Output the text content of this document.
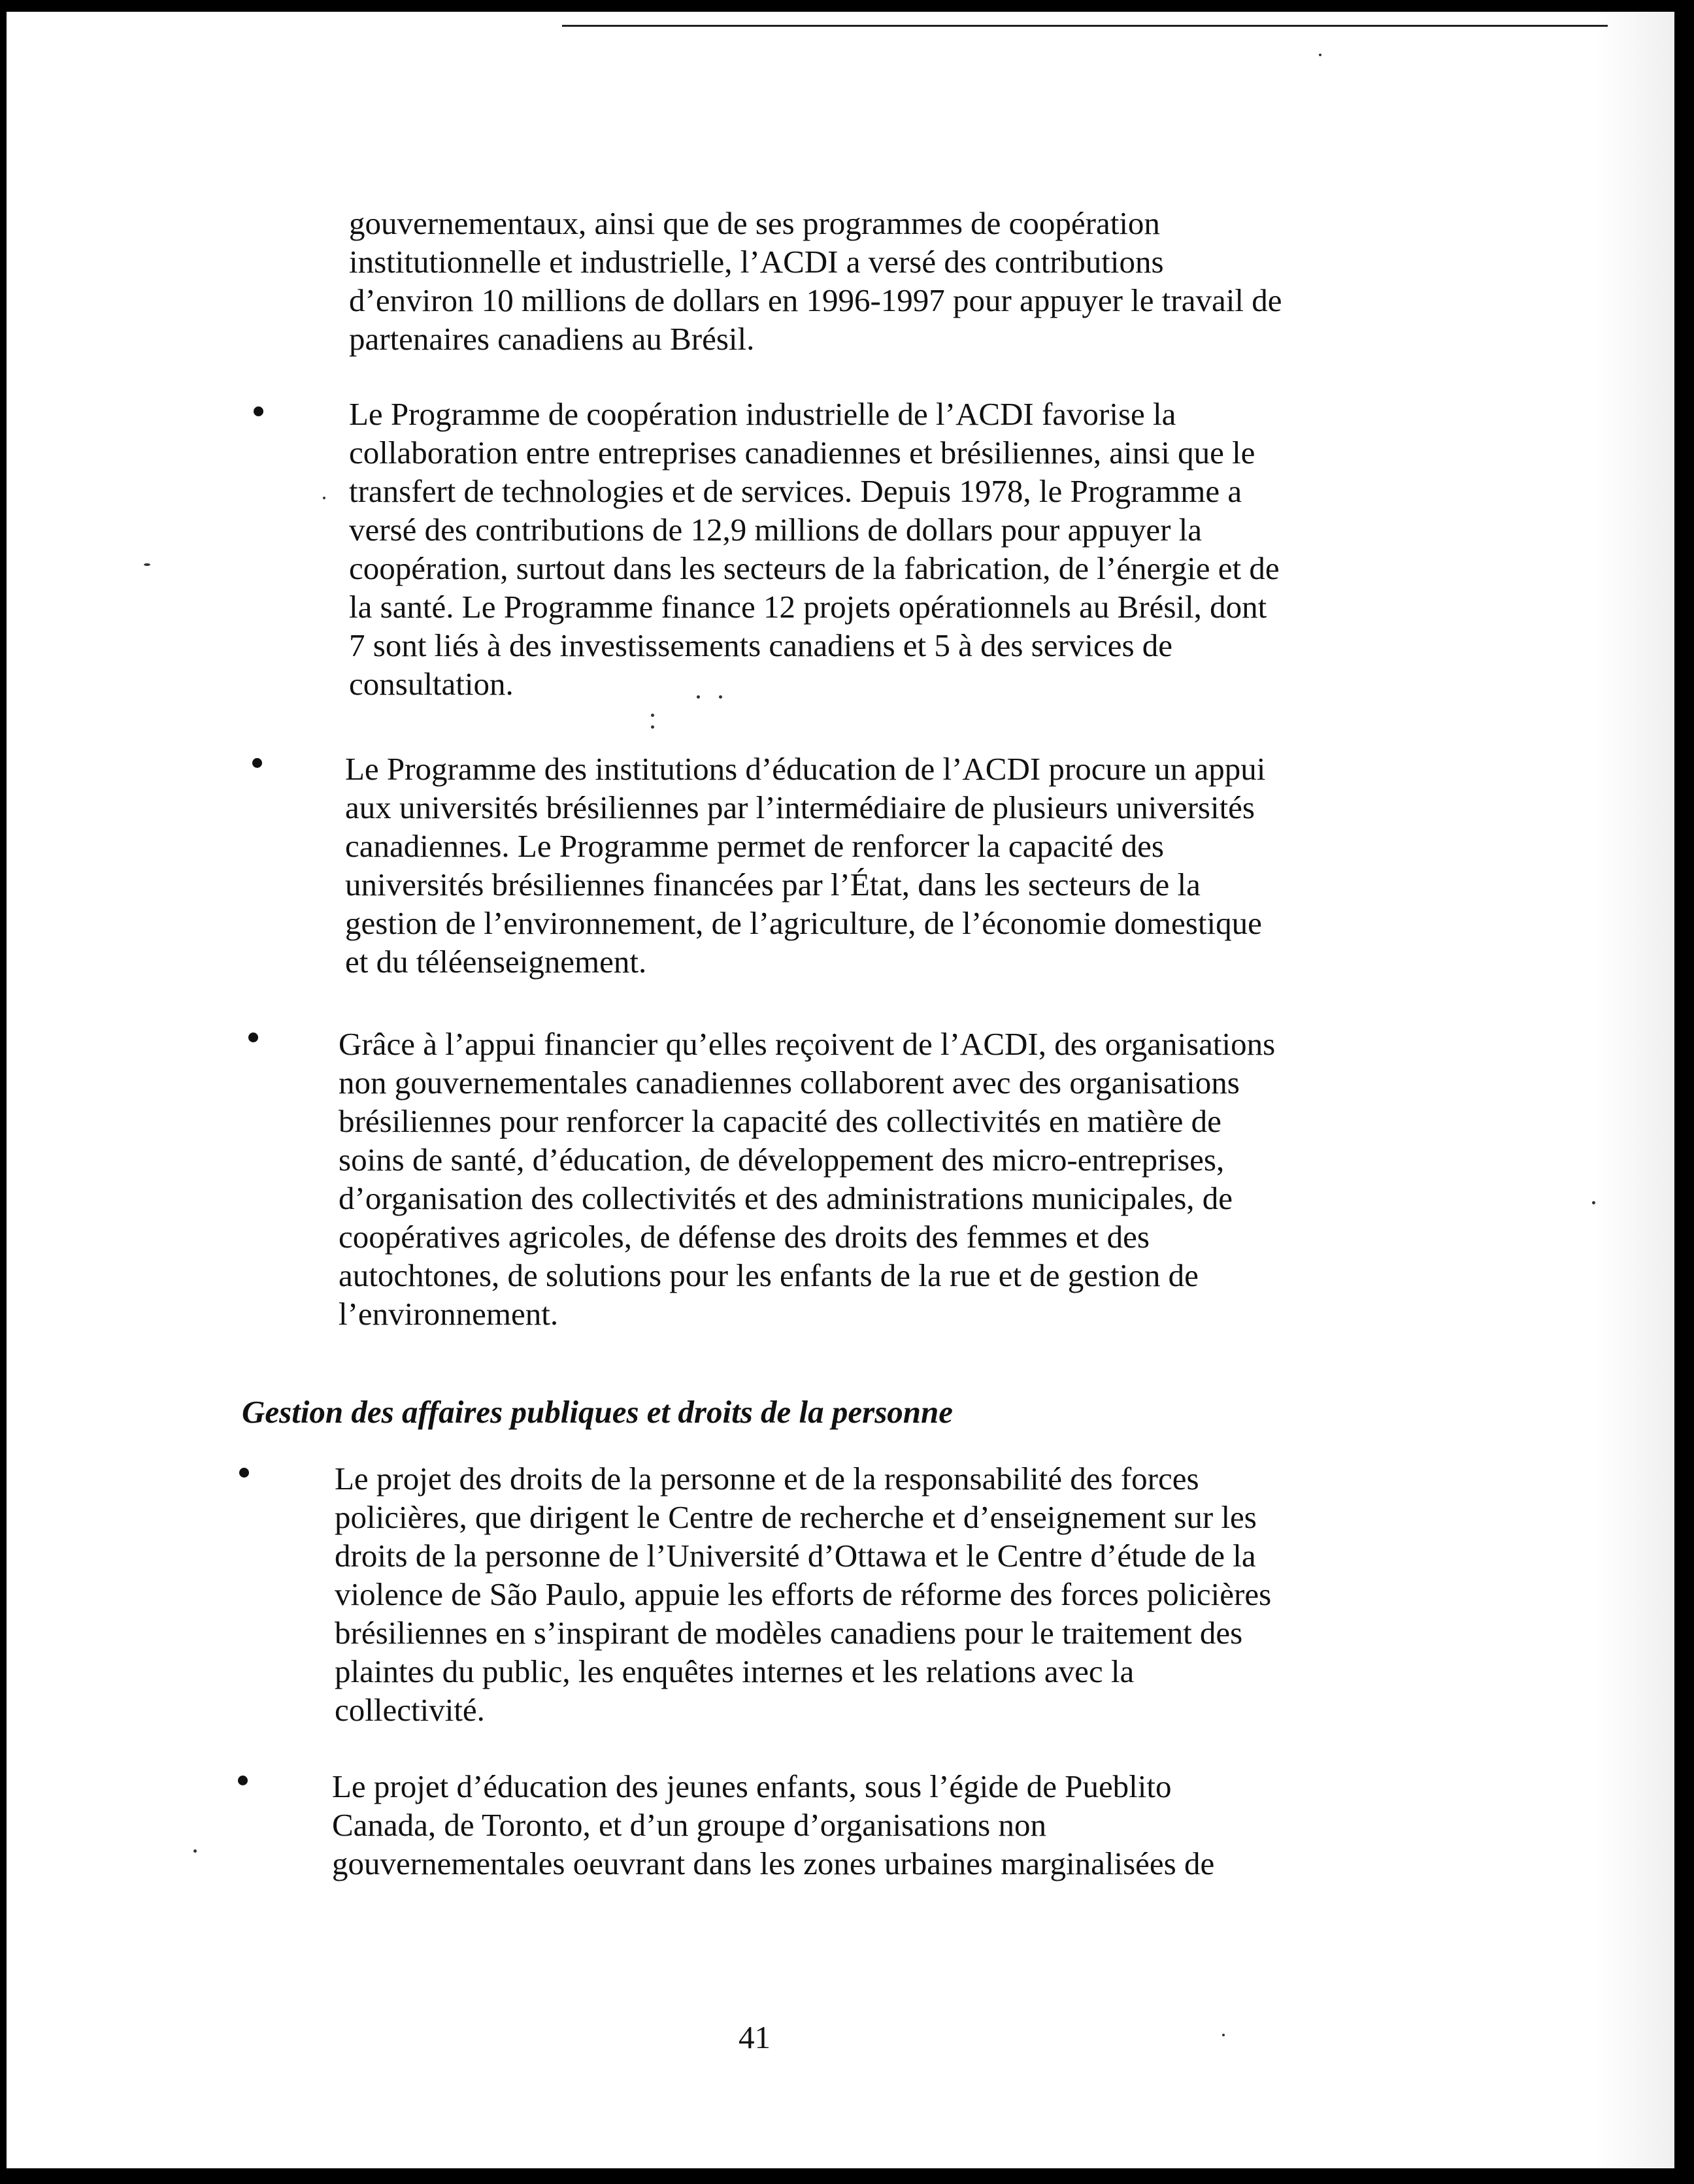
gouvernementaux, ainsi que de ses programmes de coopération
institutionnelle et industrielle, l’ACDI a versé des contributions
d’environ 10 millions de dollars en 1996-1997 pour appuyer le travail de
partenaires canadiens au Brésil.
Le Programme de coopération industrielle de l’ACDI favorise la
collaboration entre entreprises canadiennes et brésiliennes, ainsi que le
transfert de technologies et de services. Depuis 1978, le Programme a
versé des contributions de 12,9 millions de dollars pour appuyer la
coopération, surtout dans les secteurs de la fabrication, de l’énergie et de
la santé. Le Programme finance 12 projets opérationnels au Brésil, dont
7 sont liés à des investissements canadiens et 5 à des services de
consultation.
Le Programme des institutions d’éducation de l’ACDI procure un appui
aux universités brésiliennes par l’intermédiaire de plusieurs universités
canadiennes. Le Programme permet de renforcer la capacité des
universités brésiliennes financées par l’État, dans les secteurs de la
gestion de l’environnement, de l’agriculture, de l’économie domestique
et du téléenseignement.
Grâce à l’appui financier qu’elles reçoivent de l’ACDI, des organisations
non gouvernementales canadiennes collaborent avec des organisations
brésiliennes pour renforcer la capacité des collectivités en matière de
soins de santé, d’éducation, de développement des micro-entreprises,
d’organisation des collectivités et des administrations municipales, de
coopératives agricoles, de défense des droits des femmes et des
autochtones, de solutions pour les enfants de la rue et de gestion de
l’environnement.
Gestion des affaires publiques et droits de la personne
Le projet des droits de la personne et de la responsabilité des forces
policières, que dirigent le Centre de recherche et d’enseignement sur les
droits de la personne de l’Université d’Ottawa et le Centre d’étude de la
violence de São Paulo, appuie les efforts de réforme des forces policières
brésiliennes en s’inspirant de modèles canadiens pour le traitement des
plaintes du public, les enquêtes internes et les relations avec la
collectivité.
Le projet d’éducation des jeunes enfants, sous l’égide de Pueblito
Canada, de Toronto, et d’un groupe d’organisations non
gouvernementales oeuvrant dans les zones urbaines marginalisées de
41
